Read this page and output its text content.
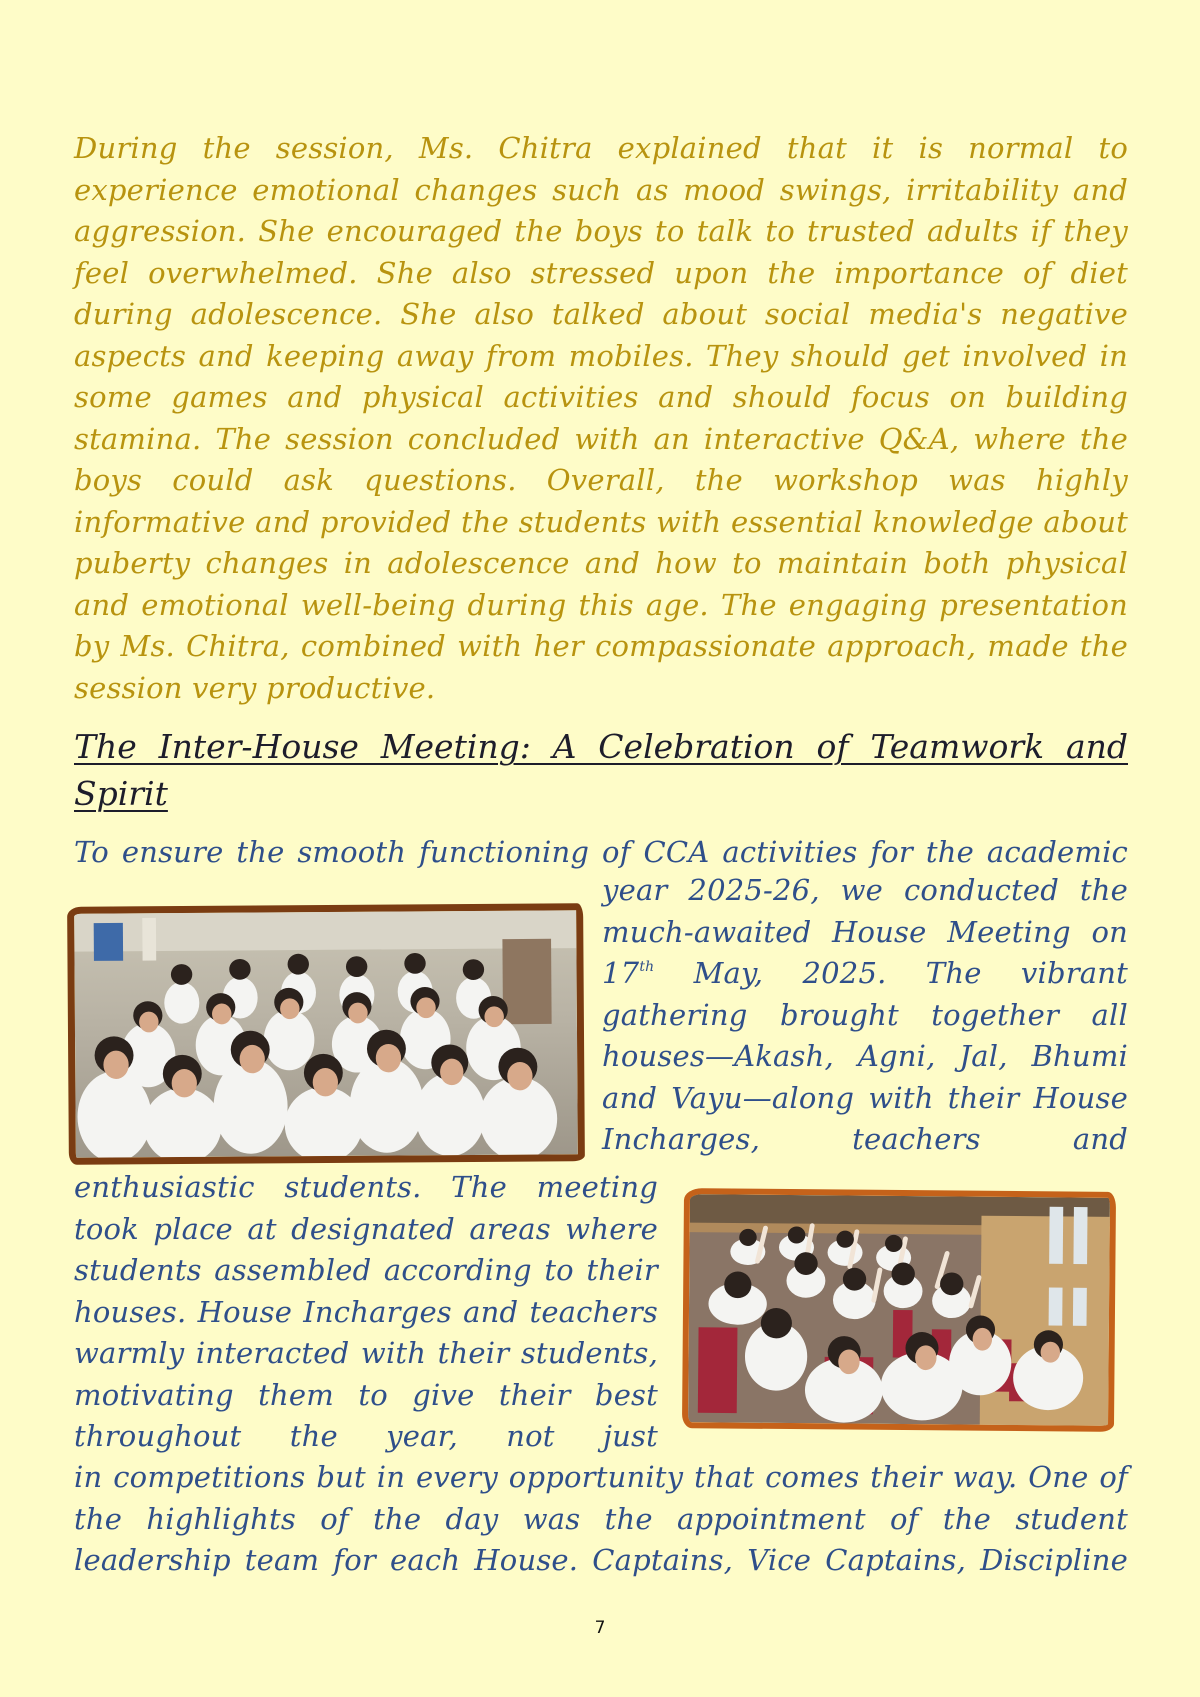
During the session, Ms. Chitra explained that it is normal to experience emotional changes such as mood swings, irritability and aggression. She encouraged the boys to talk to trusted adults if they feel overwhelmed. She also stressed upon the importance of diet during adolescence. She also talked about social media's negative aspects and keeping away from mobiles. They should get involved in some games and physical activities and should focus on building stamina. The session concluded with an interactive Q&A, where the boys could ask questions. Overall, the workshop was highly informative and provided the students with essential knowledge about puberty changes in adolescence and how to maintain both physical and emotional well-being during this age. The engaging presentation by Ms. Chitra, combined with her compassionate approach, made the session very productive.

The Inter-House Meeting: A Celebration of Teamwork and Spirit

To ensure the smooth functioning of CCA activities for the academic

year 2025-26, we conducted the much-awaited House Meeting on 17th May, 2025. The vibrant gathering brought together all houses—Akash, Agni, Jal, Bhumi and Vayu—along with their House Incharges, teachers and

enthusiastic students. The meeting took place at designated areas where students assembled according to their houses. House Incharges and teachers warmly interacted with their students, motivating them to give their best throughout the year, not just

in competitions but in every opportunity that comes their way. One of the highlights of the day was the appointment of the student leadership team for each House. Captains, Vice Captains, Discipline

7
